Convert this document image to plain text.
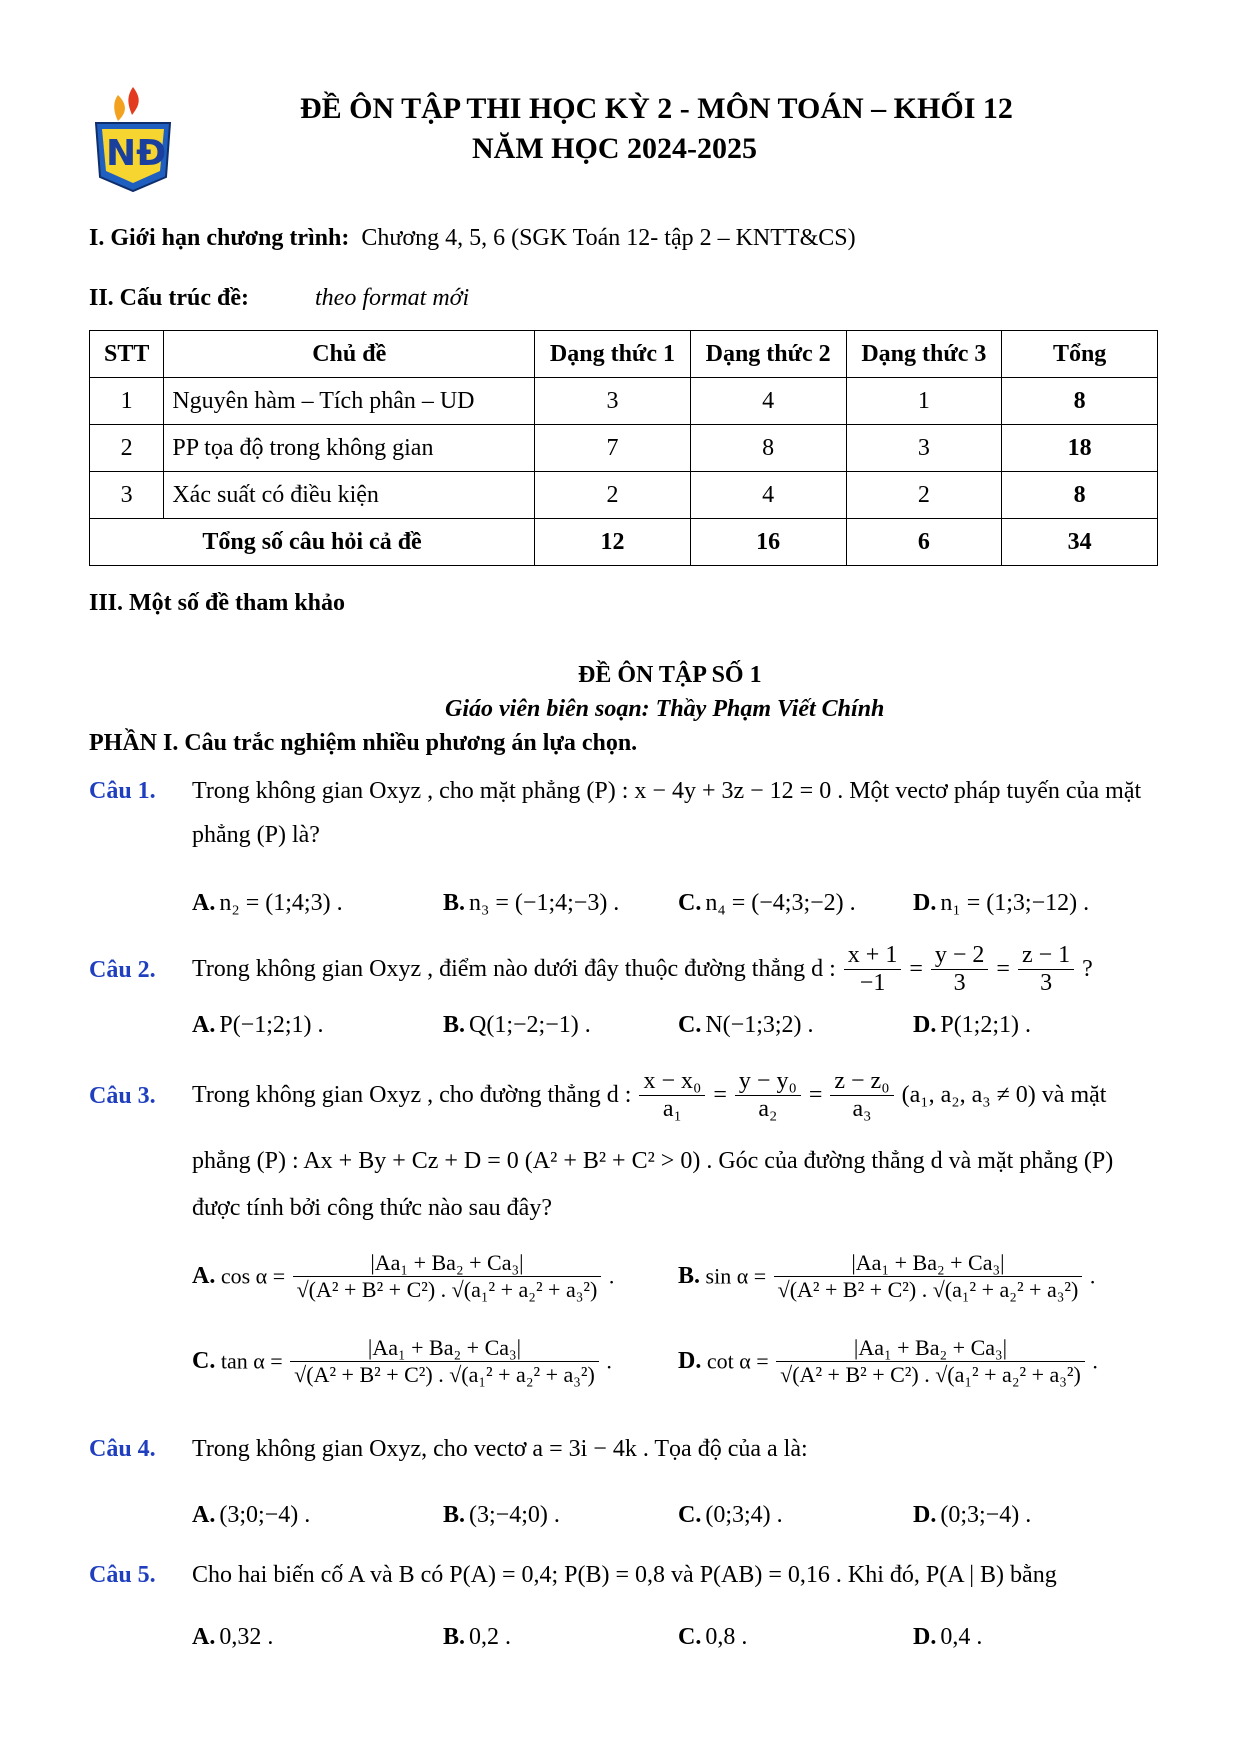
NĐ
ĐỀ ÔN TẬP THI HỌC KỲ 2 - MÔN TOÁN – KHỐI 12
NĂM HỌC 2024-2025
I. Giới hạn chương trình: Chương 4, 5, 6 (SGK Toán 12- tập 2 – KNTT&CS)
II. Cấu trúc đề:	theo format mới
STT	Chủ đề	Dạng thức 1	Dạng thức 2	Dạng thức 3	Tổng
1	Nguyên hàm – Tích phân – UD	3	4	1	8
2	PP tọa độ trong không gian	7	8	3	18
3	Xác suất có điều kiện	2	4	2	8
Tổng số câu hỏi cả đề		12	16	6	34
III. Một số đề tham khảo
ĐỀ ÔN TẬP SỐ 1
Giáo viên biên soạn: Thầy Phạm Viết Chính
PHẦN I. Câu trắc nghiệm nhiều phương án lựa chọn.
Câu 1. Trong không gian Oxyz , cho mặt phẳng (P) : x − 4y + 3z − 12 = 0 . Một vectơ pháp tuyến của mặt
phẳng (P) là?
A. n₂ = (1;4;3) .	B. n₃ = (−1;4;−3) . C. n₄ = (−4;3;−2) . D. n₁ = (1;3;−12) .
Câu 2. Trong không gian Oxyz , điểm nào dưới đây thuộc đường thẳng d : $\frac{x + 1}{-1} = \frac{y - 2}{3} = \frac{z - 1}{3}$ ?
A. P(−1;2;1) .	B. Q(1;−2;−1) .	C. N(−1;3;2) .	D. P(1;2;1) .
Câu 3. Trong không gian Oxyz , cho đường thẳng d : $\frac{\text{x − x₀}}{\text{a₁}} = \frac{\text{y − y₀}}{\text{a₂}} = \frac{\text{z − z₀}}{\text{a₃}} (a_1$, a₂, a₃ ≠ 0) và mặt
phẳng (P) : Ax + By + Cz + D = 0 (A² + B² + C² > 0) . Góc của đường thẳng d và mặt phẳng (P)
được tính bởi công thức nào sau đây?
A. $\cos \alpha = \frac{\text{|Aa₁ + Ba₂ + Ca₃|}}{\text{√(A² + B² + C²) . √(a₁² + a₂² + a₃²)}}$ .	B. $\sin \alpha = \frac{\text{|Aa₁ + Ba₂ + Ca₃|}}{\text{√(A² + B² + C²) . √(a₁² + a₂² + a₃²)}}$ .
C. $\tan \alpha = \frac{\text{|Aa₁ + Ba₂ + Ca₃|}}{\text{√(A² + B² + C²) . √(a₁² + a₂² + a₃²)}}$ .	D. $\cot \alpha = \frac{\text{|Aa₁ + Ba₂ + Ca₃|}}{\text{√(A² + B² + C²) . √(a₁² + a₂² + a₃²)}}$ .
Câu 4. Trong không gian Oxyz, cho vectơ a = 3i − 4k . Tọa độ của a là:
A. (3;0;−4) .	B. (3;−4;0) .	C. (0;3;4) .	D. (0;3;−4) .
Câu 5. Cho hai biến cố A và B có P(A) = 0,4; P(B) = 0,8 và P(AB) = 0,16 . Khi đó, P(A | B) bằng
A. 0,32 .	B. 0,2 .	C. 0,8 .	D. 0,4 .
